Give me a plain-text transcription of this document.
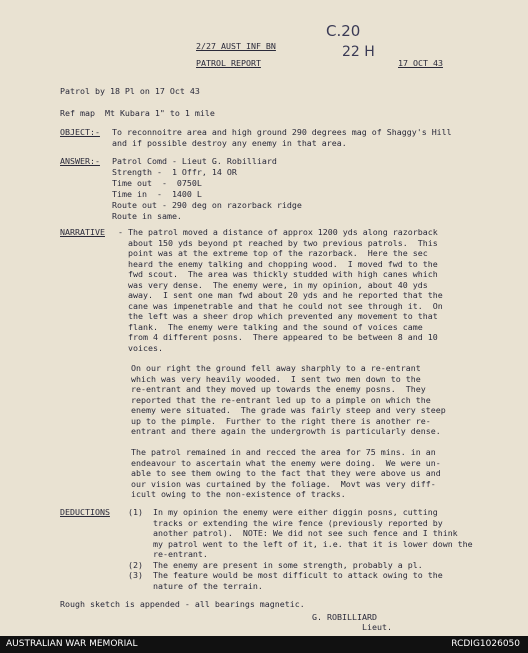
C.20
22 H
2/27 AUST INF BN
PATROL REPORT	17 OCT 43
Patrol by 18 Pl on 17 Oct 43
Ref map  Mt Kubara 1" to 1 mile
OBJECT:- To reconnoitre area and high ground 290 degrees mag of Shaggy's Hill
and if possible destroy any enemy in that area.
ANSWER:- Patrol Comd - Lieut G. Robilliard
Strength -  1 Offr, 14 OR
Time out  -  0750L
Time in  -  1400 L
Route out - 290 deg on razorback ridge
Route in same.
NARRATIVE - The patrol moved a distance of approx 1200 yds along razorback
about 150 yds beyond pt reached by two previous patrols.  This
point was at the extreme top of the razorback.  Here the sec
heard the enemy talking and chopping wood.  I moved fwd to the
fwd scout.  The area was thickly studded with high canes which
was very dense.  The enemy were, in my opinion, about 40 yds
away.  I sent one man fwd about 20 yds and he reported that the
cane was impenetrable and that he could not see through it.  On
the left was a sheer drop which prevented any movement to that
flank.  The enemy were talking and the sound of voices came
from 4 different posns.  There appeared to be between 8 and 10
voices.
On our right the ground fell away sharphly to a re-entrant
which was very heavily wooded.  I sent two men down to the
re-entrant and they moved up towards the enemy posns.  They
reported that the re-entrant led up to a pimple on which the
enemy were situated.  The grade was fairly steep and very steep
up to the pimple.  Further to the right there is another re-
entrant and there again the undergrowth is particularly dense.
The patrol remained in and recced the area for 75 mins. in an
endeavour to ascertain what the enemy were doing.  We were un-
able to see them owing to the fact that they were above us and
our vision was curtained by the foliage.  Movt was very diff-
icult owing to the non-existence of tracks.
DEDUCTIONS (1)  In my opinion the enemy were either diggin posns, cutting
tracks or extending the wire fence (previously reported by
another patrol).  NOTE: We did not see such fence and I think
my patrol went to the left of it, i.e. that it is lower down the
re-entrant.
(2)  The enemy are present in some strength, probably a pl.
(3)  The feature would be most difficult to attack owing to the
nature of the terrain.
Rough sketch is appended - all bearings magnetic.
G. ROBILLIARD
Lieut.
AUSTRALIAN WAR MEMORIAL	RCDIG1026050
